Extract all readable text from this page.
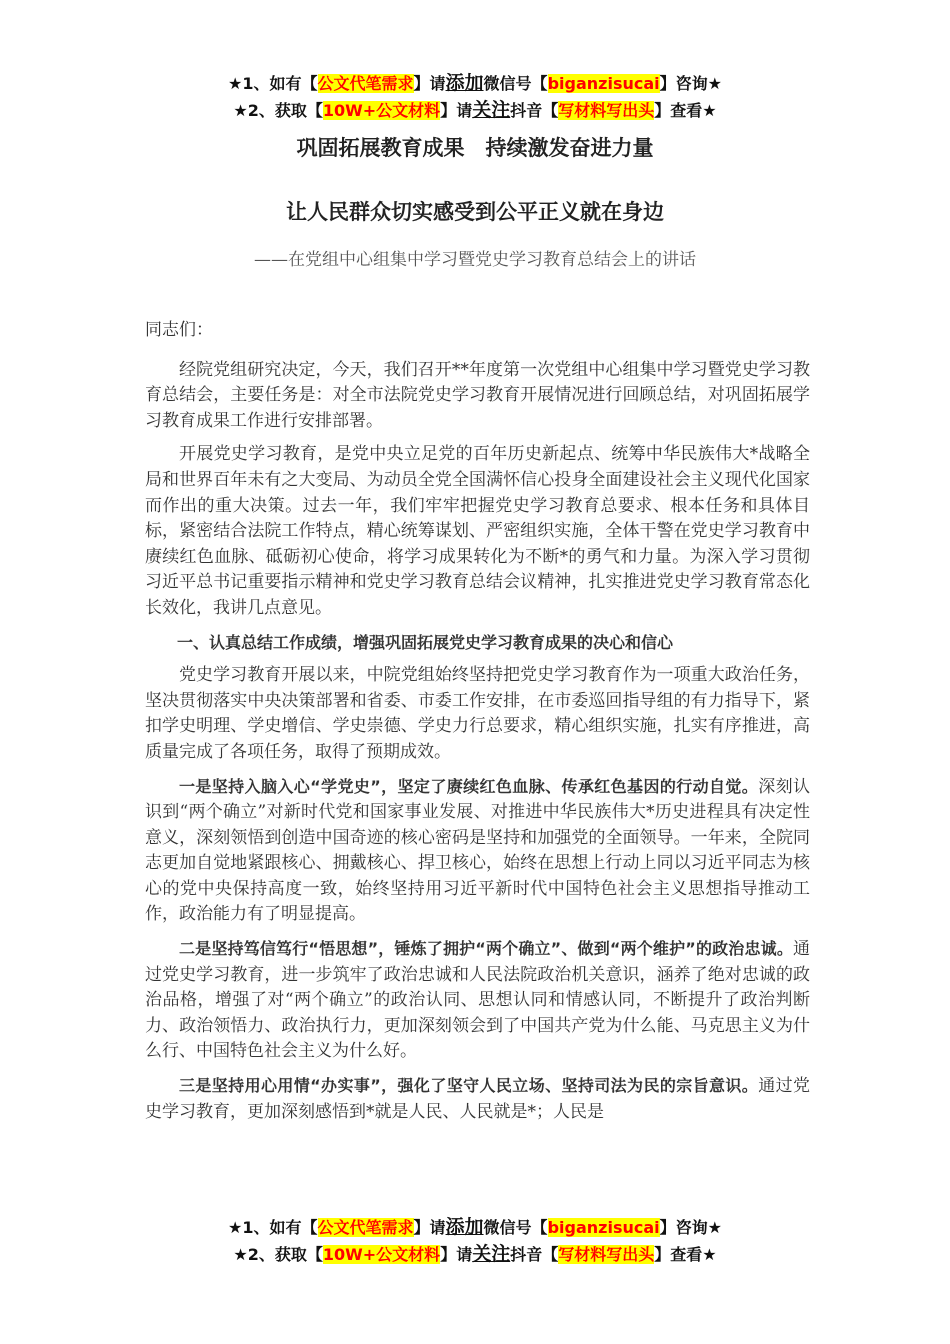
★1、如有【公文代笔需求】请添加微信号【biganzisucai】咨询★
★2、获取【10W+公文材料】请关注抖音【写材料写出头】查看★
巩固拓展教育成果　持续激发奋进力量
让人民群众切实感受到公平正义就在身边
——在党组中心组集中学习暨党史学习教育总结会上的讲话

同志们：

经院党组研究决定，今天，我们召开**年度第一次党组中心组集中学习暨党史学习教育总结会，主要任务是：对全市法院党史学习教育开展情况进行回顾总结，对巩固拓展学习教育成果工作进行安排部署。

开展党史学习教育，是党中央立足党的百年历史新起点、统筹中华民族伟大*战略全局和世界百年未有之大变局、为动员全党全国满怀信心投身全面建设社会主义现代化国家而作出的重大决策。过去一年，我们牢牢把握党史学习教育总要求、根本任务和具体目标，紧密结合法院工作特点，精心统筹谋划、严密组织实施，全体干警在党史学习教育中赓续红色血脉、砥砺初心使命，将学习成果转化为不断*的勇气和力量。为深入学习贯彻习近平总书记重要指示精神和党史学习教育总结会议精神，扎实推进党史学习教育常态化长效化，我讲几点意见。

一、认真总结工作成绩，增强巩固拓展党史学习教育成果的决心和信心

党史学习教育开展以来，中院党组始终坚持把党史学习教育作为一项重大政治任务，坚决贯彻落实中央决策部署和省委、市委工作安排，在市委巡回指导组的有力指导下，紧扣学史明理、学史增信、学史崇德、学史力行总要求，精心组织实施，扎实有序推进，高质量完成了各项任务，取得了预期成效。

一是坚持入脑入心“学党史”，坚定了赓续红色血脉、传承红色基因的行动自觉。深刻认识到“两个确立”对新时代党和国家事业发展、对推进中华民族伟大*历史进程具有决定性意义，深刻领悟到创造中国奇迹的核心密码是坚持和加强党的全面领导。一年来，全院同志更加自觉地紧跟核心、拥戴核心、捍卫核心，始终在思想上行动上同以习近平同志为核心的党中央保持高度一致，始终坚持用习近平新时代中国特色社会主义思想指导推动工作，政治能力有了明显提高。

二是坚持笃信笃行“悟思想”，锤炼了拥护“两个确立”、做到“两个维护”的政治忠诚。通过党史学习教育，进一步筑牢了政治忠诚和人民法院政治机关意识，涵养了绝对忠诚的政治品格，增强了对“两个确立”的政治认同、思想认同和情感认同，不断提升了政治判断力、政治领悟力、政治执行力，更加深刻领会到了中国共产党为什么能、马克思主义为什么行、中国特色社会主义为什么好。

三是坚持用心用情“办实事”，强化了坚守人民立场、坚持司法为民的宗旨意识。通过党史学习教育，更加深刻感悟到*就是人民、人民就是*；人民是

★1、如有【公文代笔需求】请添加微信号【biganzisucai】咨询★
★2、获取【10W+公文材料】请关注抖音【写材料写出头】查看★
